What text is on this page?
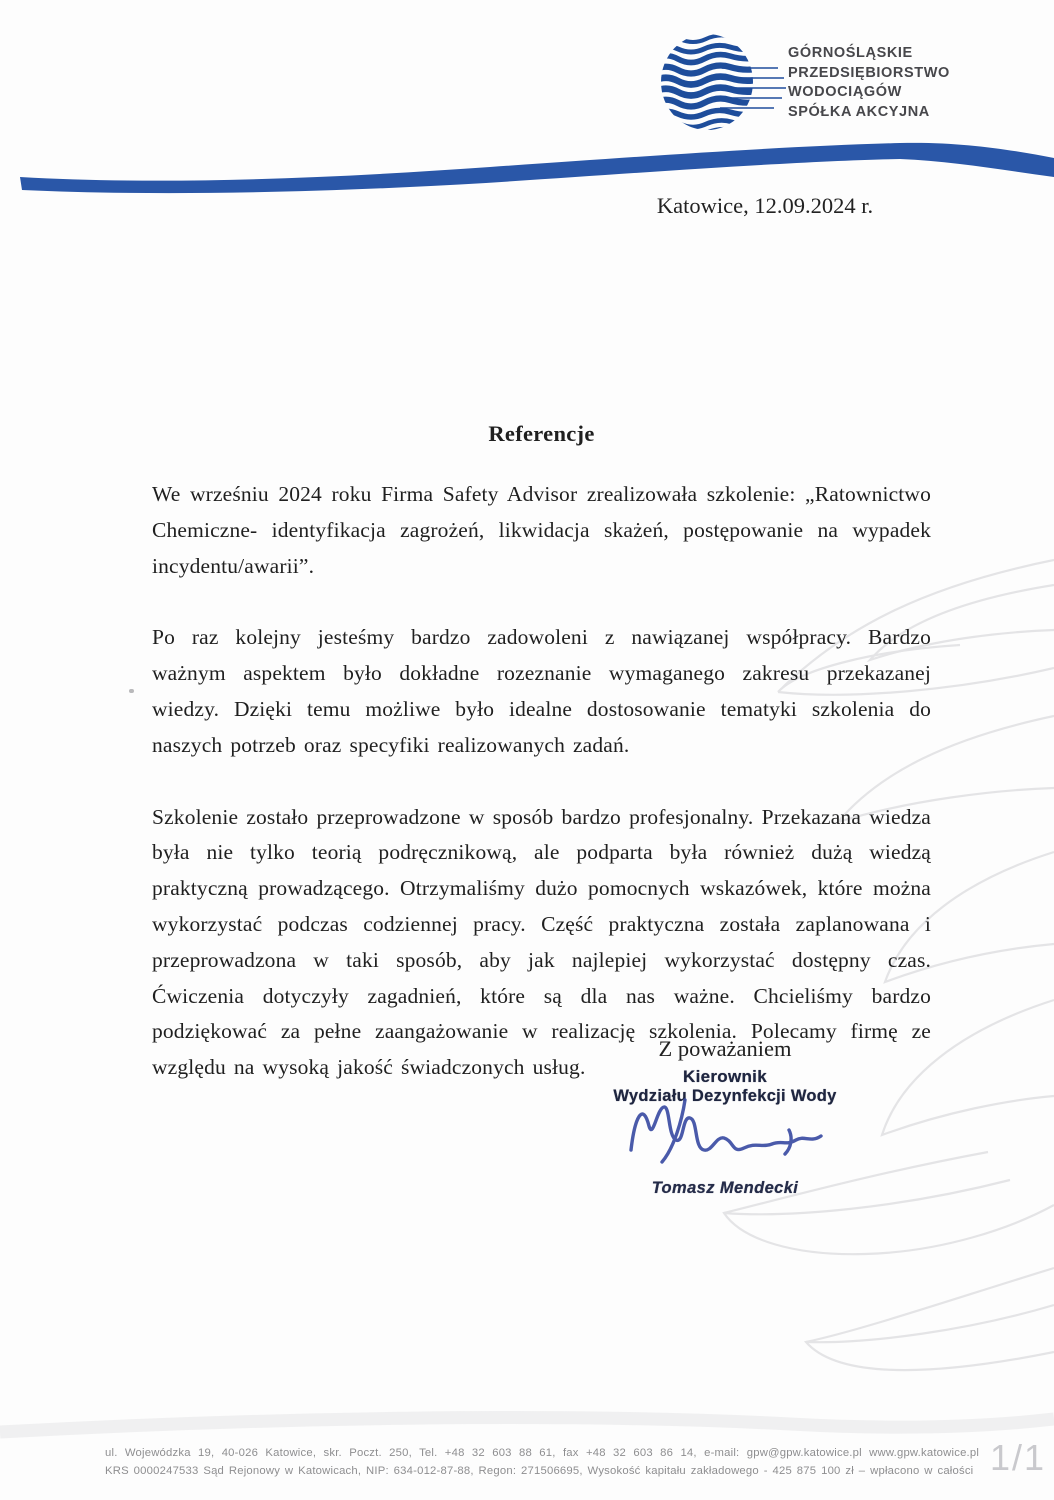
GÓRNOŚLĄSKIE
PRZEDSIĘBIORSTWO
WODOCIĄGÓW
SPÓŁKA AKCYJNA
Katowice, 12.09.2024 r.
Referencje

We wrześniu 2024 roku Firma Safety Advisor zrealizowała szkolenie: „Ratownictwo Chemiczne- identyfikacja zagrożeń, likwidacja skażeń, postępowanie na wypadek incydentu/awarii”.

Po raz kolejny jesteśmy bardzo zadowoleni z nawiązanej współpracy. Bardzo ważnym aspektem było dokładne rozeznanie wymaganego zakresu przekazanej wiedzy. Dzięki temu możliwe było idealne dostosowanie tematyki szkolenia do naszych potrzeb oraz specyfiki realizowanych zadań.

Szkolenie zostało przeprowadzone w sposób bardzo profesjonalny. Przekazana wiedza była nie tylko teorią podręcznikową, ale podparta była również dużą wiedzą praktyczną prowadzącego. Otrzymaliśmy dużo pomocnych wskazówek, które można wykorzystać podczas codziennej pracy. Część praktyczna została zaplanowana i przeprowadzona w taki sposób, aby jak najlepiej wykorzystać dostępny czas. Ćwiczenia dotyczyły zagadnień, które są dla nas ważne. Chcieliśmy bardzo podziękować za pełne zaangażowanie w realizację szkolenia. Polecamy firmę ze względu na wysoką jakość świadczonych usług.

Z poważaniem
Kierownik
Wydziału Dezynfekcji Wody
Tomasz Mendecki
ul. Wojewódzka 19, 40-026 Katowice, skr. Poczt. 250, Tel. +48 32 603 88 61, fax +48 32 603 86 14, e-mail: gpw@gpw.katowice.pl www.gpw.katowice.pl
KRS 0000247533 Sąd Rejonowy w Katowicach, NIP: 634-012-87-88, Regon: 271506695, Wysokość kapitału zakładowego - 425 875 100 zł – wpłacono w całości 1/1
